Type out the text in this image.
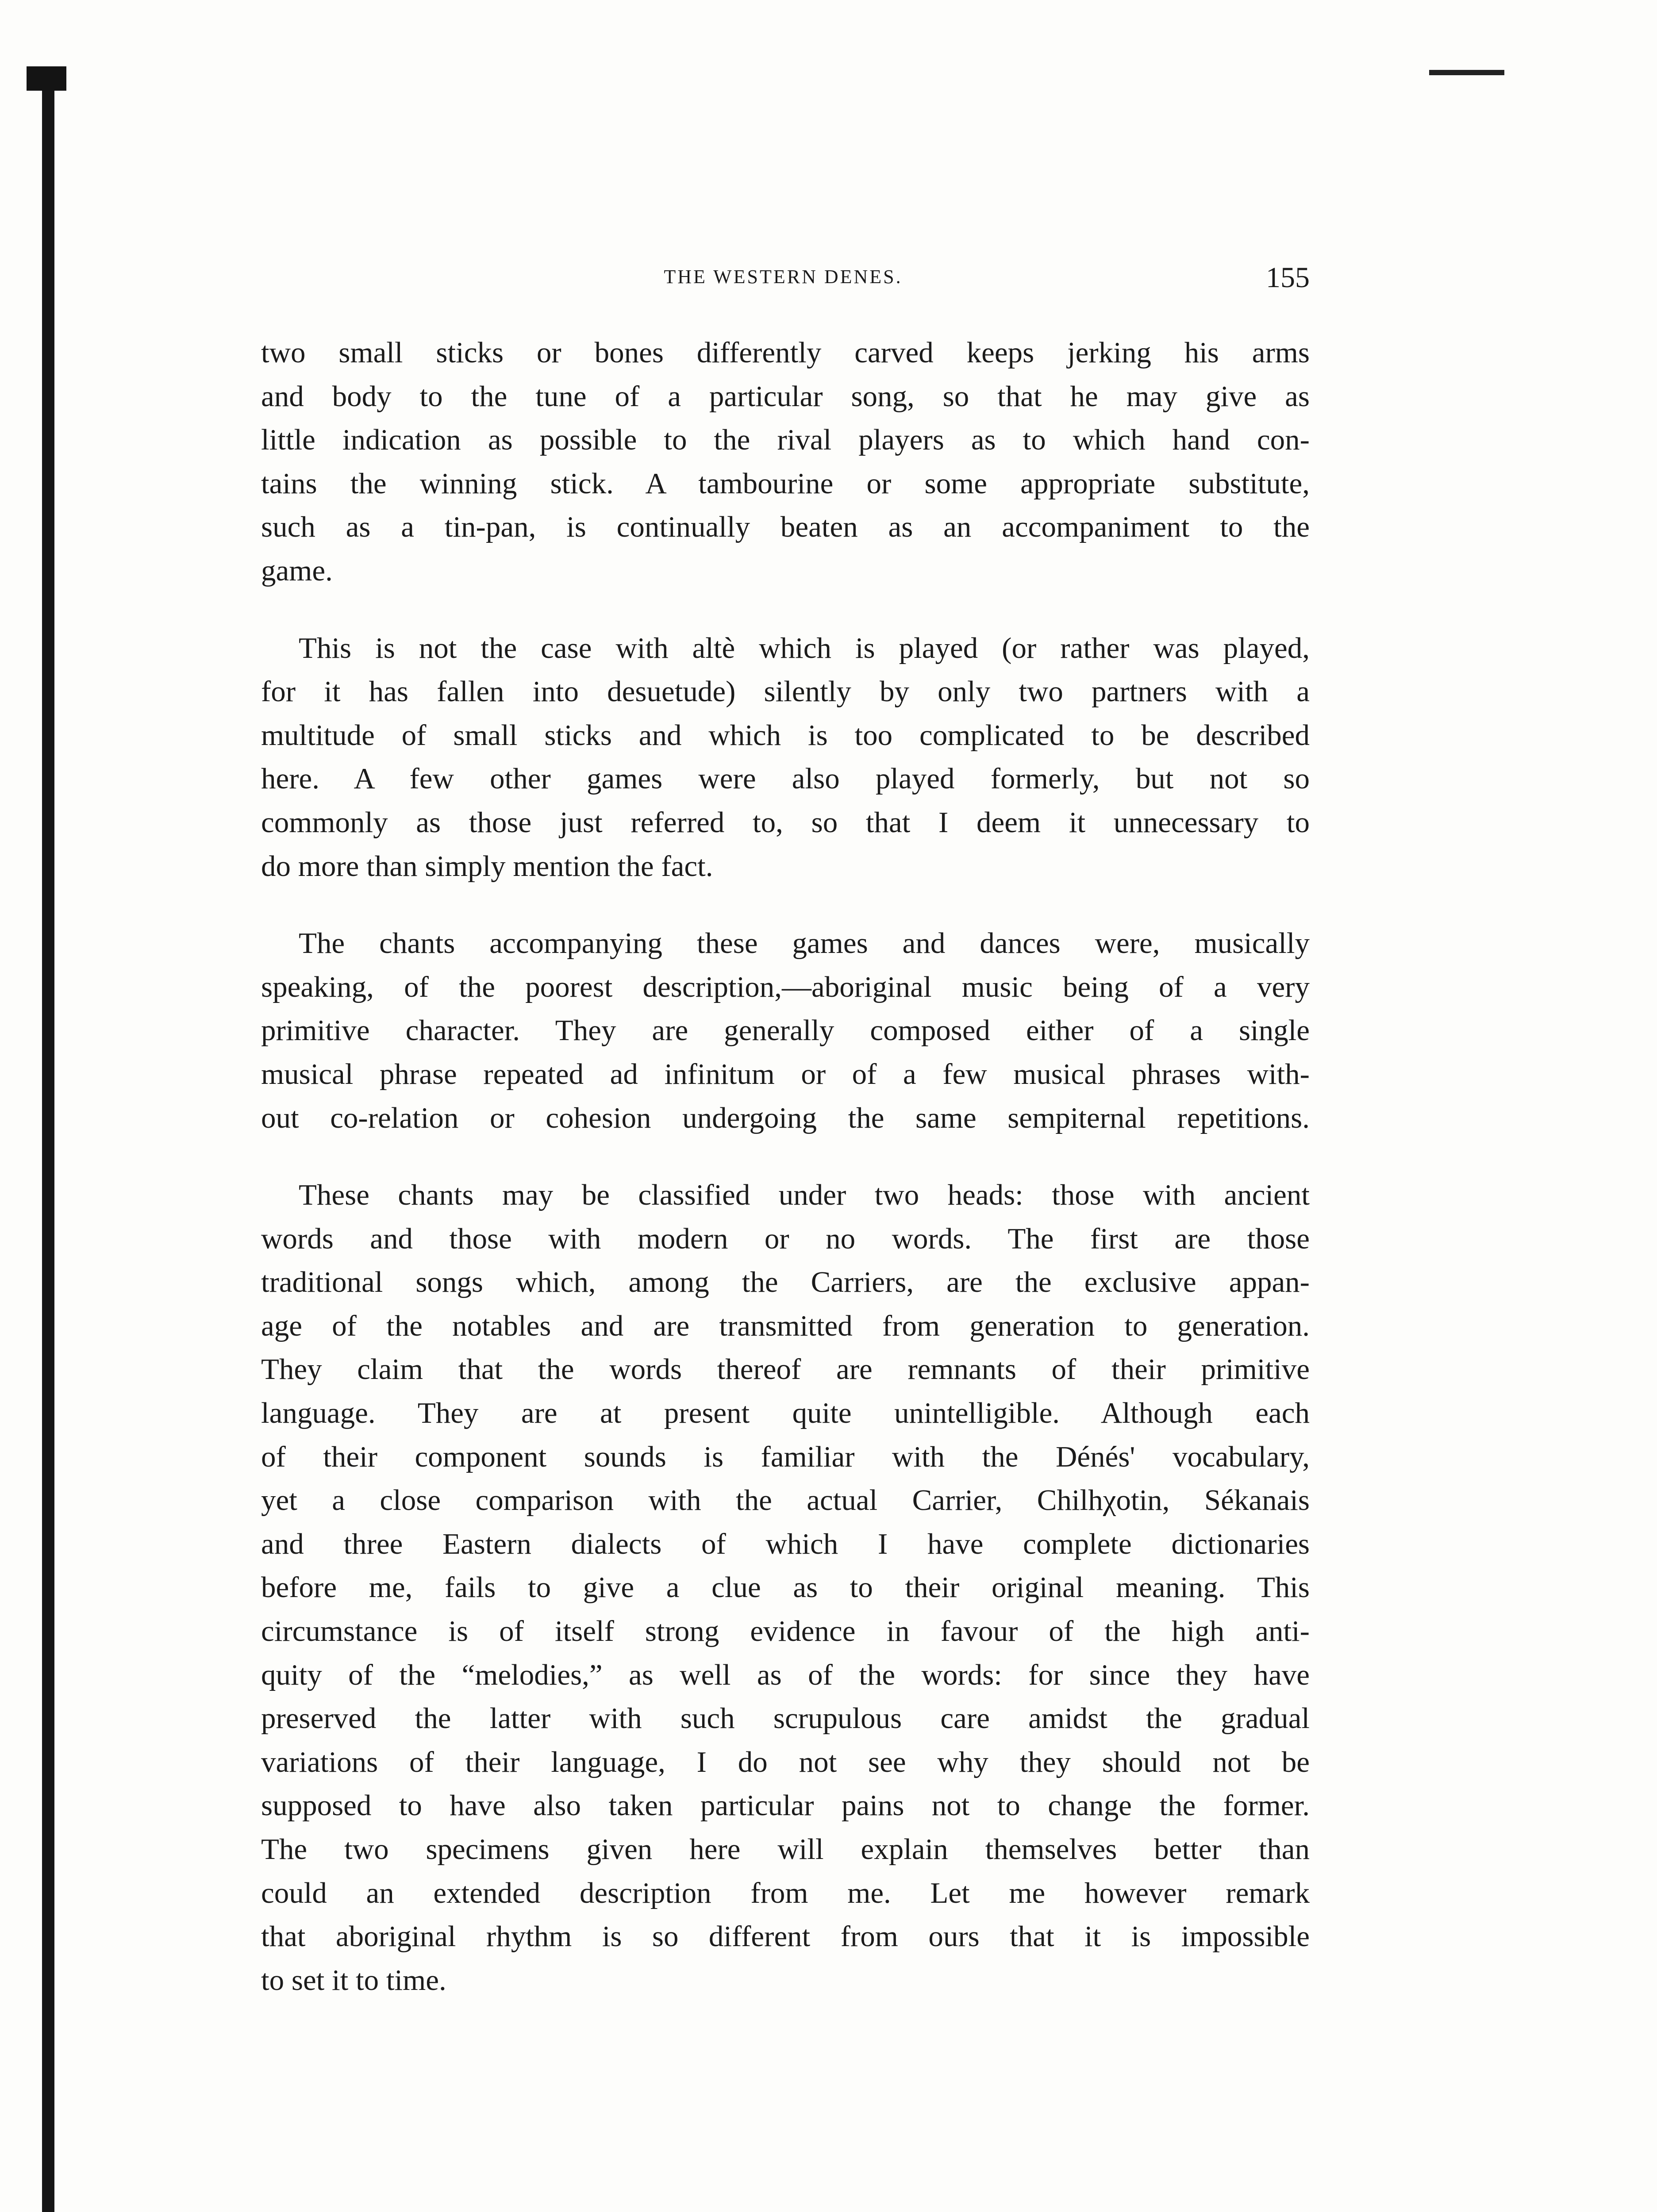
THE WESTERN DENES.	155
two small sticks or bones differently carved keeps jerking his arms
and body to the tune of a particular song, so that he may give as
little indication as possible to the rival players as to which hand con-
tains the winning stick. A tambourine or some appropriate substitute,
such as a tin-pan, is continually beaten as an accompaniment to the
game.
This is not the case with altè which is played (or rather was played,
for it has fallen into desuetude) silently by only two partners with a
multitude of small sticks and which is too complicated to be described
here. A few other games were also played formerly, but not so
commonly as those just referred to, so that I deem it unnecessary to
do more than simply mention the fact.
The chants accompanying these games and dances were, musically
speaking, of the poorest description,—aboriginal music being of a very
primitive character. They are generally composed either of a single
musical phrase repeated ad infinitum or of a few musical phrases with-
out co-relation or cohesion undergoing the same sempiternal repetitions.
These chants may be classified under two heads: those with ancient
words and those with modern or no words. The first are those
traditional songs which, among the Carriers, are the exclusive appan-
age of the notables and are transmitted from generation to generation.
They claim that the words thereof are remnants of their primitive
language. They are at present quite unintelligible. Although each
of their component sounds is familiar with the Dénés' vocabulary,
yet a close comparison with the actual Carrier, Chilhχotin, Sékanais
and three Eastern dialects of which I have complete dictionaries
before me, fails to give a clue as to their original meaning. This
circumstance is of itself strong evidence in favour of the high anti-
quity of the “melodies,” as well as of the words: for since they have
preserved the latter with such scrupulous care amidst the gradual
variations of their language, I do not see why they should not be
supposed to have also taken particular pains not to change the former.
The two specimens given here will explain themselves better than
could an extended description from me. Let me however remark
that aboriginal rhythm is so different from ours that it is impossible
to set it to time.
